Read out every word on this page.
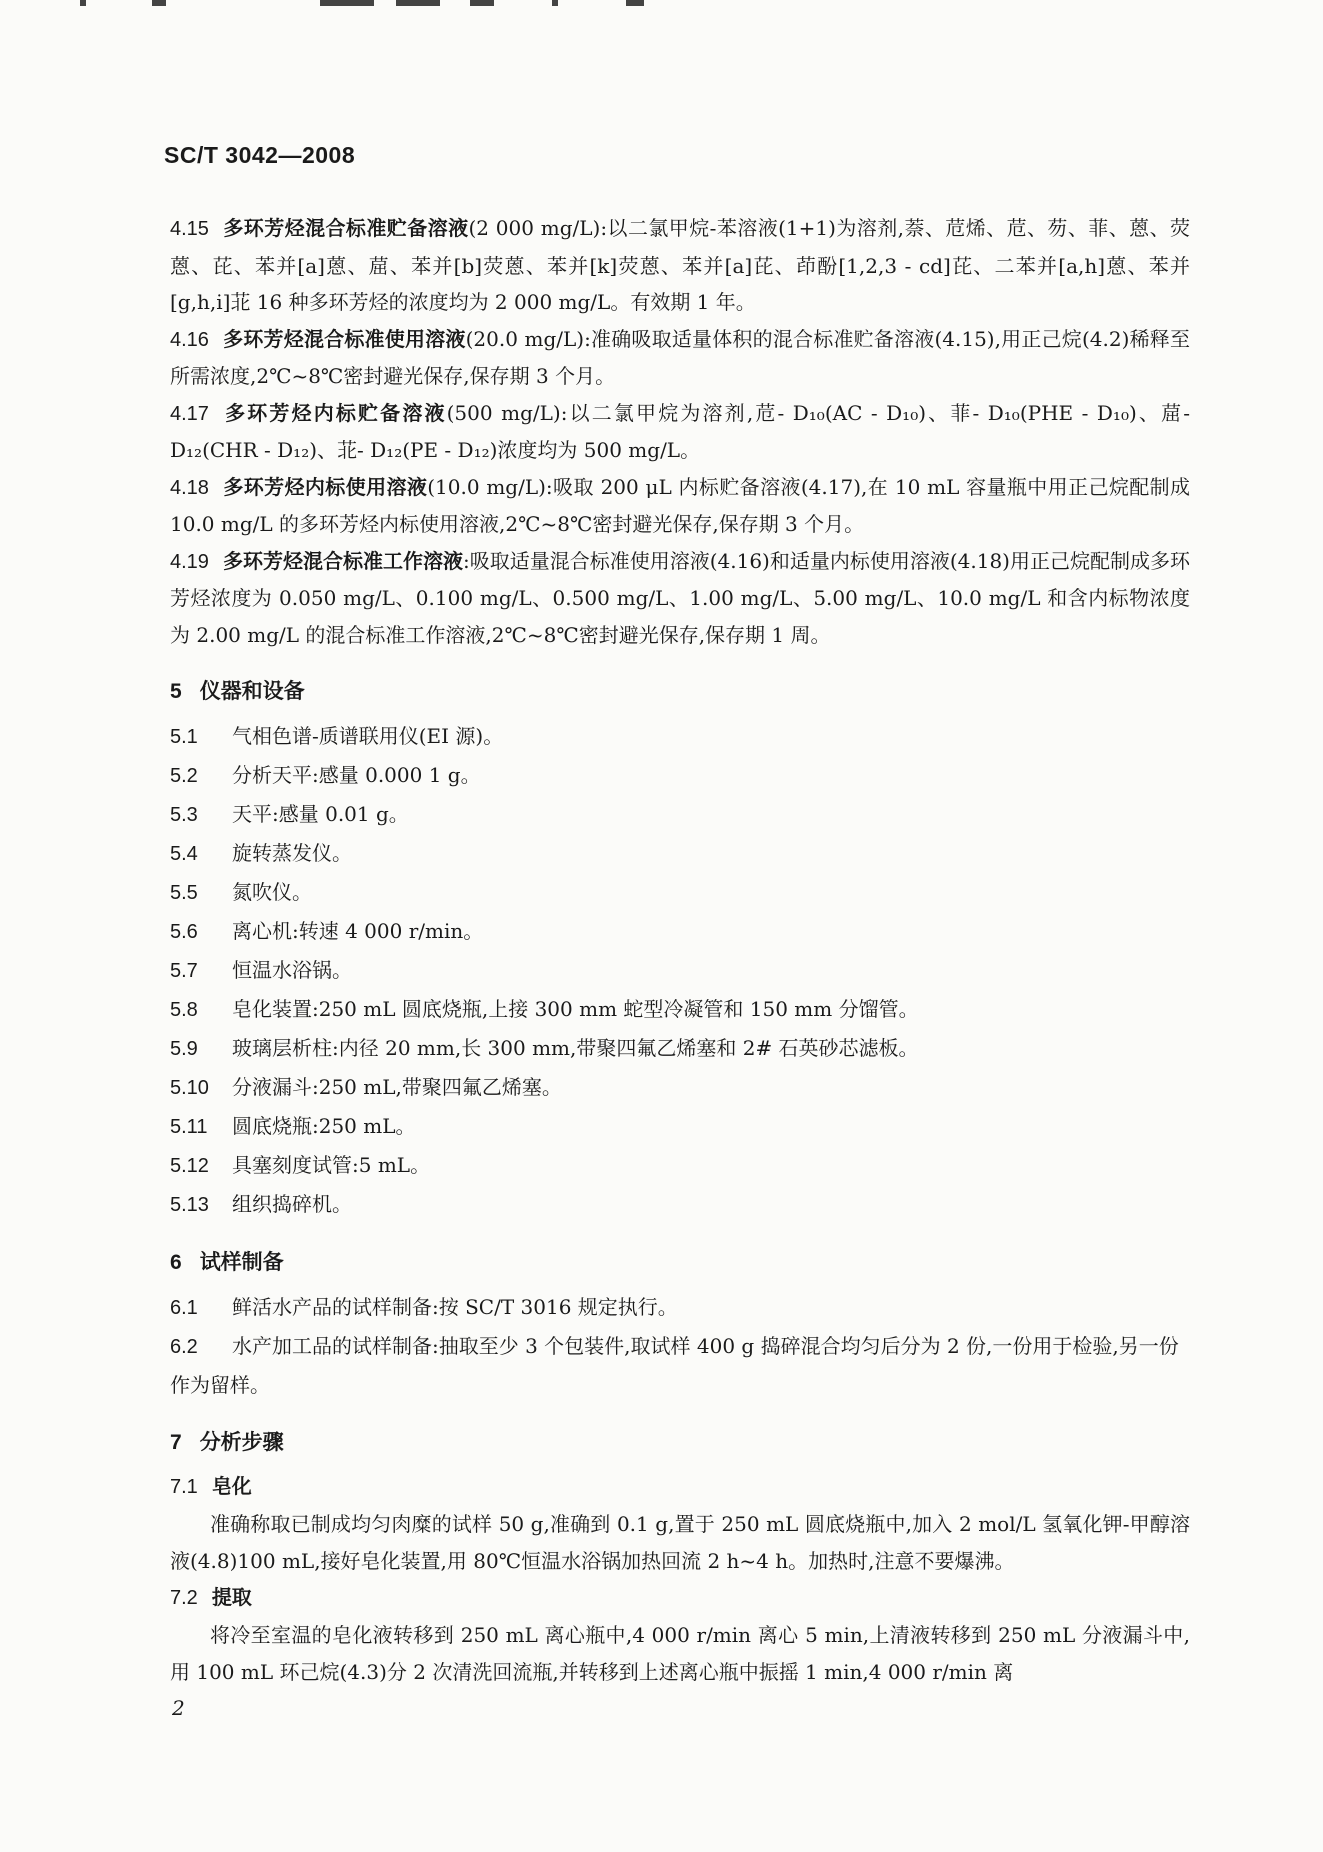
SC/T 3042—2008

4.15 多环芳烃混合标准贮备溶液(2 000 mg/L):以二氯甲烷-苯溶液(1+1)为溶剂,萘、苊烯、苊、芴、菲、蒽、荧蒽、芘、苯并[a]蒽、䓛、苯并[b]荧蒽、苯并[k]荧蒽、苯并[a]芘、茚酚[1,2,3 - cd]芘、二苯并[a,h]蒽、苯并[g,h,i]苝 16 种多环芳烃的浓度均为 2 000 mg/L。有效期 1 年。

4.16 多环芳烃混合标准使用溶液(20.0 mg/L):准确吸取适量体积的混合标准贮备溶液(4.15),用正己烷(4.2)稀释至所需浓度,2℃~8℃密封避光保存,保存期 3 个月。

4.17 多环芳烃内标贮备溶液(500 mg/L):以二氯甲烷为溶剂,苊- D₁₀(AC - D₁₀)、菲- D₁₀(PHE - D₁₀)、䓛- D₁₂(CHR - D₁₂)、苝- D₁₂(PE - D₁₂)浓度均为 500 mg/L。

4.18 多环芳烃内标使用溶液(10.0 mg/L):吸取 200 μL 内标贮备溶液(4.17),在 10 mL 容量瓶中用正己烷配制成 10.0 mg/L 的多环芳烃内标使用溶液,2℃~8℃密封避光保存,保存期 3 个月。

4.19 多环芳烃混合标准工作溶液:吸取适量混合标准使用溶液(4.16)和适量内标使用溶液(4.18)用正己烷配制成多环芳烃浓度为 0.050 mg/L、0.100 mg/L、0.500 mg/L、1.00 mg/L、5.00 mg/L、10.0 mg/L 和含内标物浓度为 2.00 mg/L 的混合标准工作溶液,2℃~8℃密封避光保存,保存期 1 周。

5 仪器和设备

5.1 气相色谱-质谱联用仪(EI 源)。

5.2 分析天平:感量 0.000 1 g。

5.3 天平:感量 0.01 g。

5.4 旋转蒸发仪。

5.5 氮吹仪。

5.6 离心机:转速 4 000 r/min。

5.7 恒温水浴锅。

5.8 皂化装置:250 mL 圆底烧瓶,上接 300 mm 蛇型冷凝管和 150 mm 分馏管。

5.9 玻璃层析柱:内径 20 mm,长 300 mm,带聚四氟乙烯塞和 2# 石英砂芯滤板。

5.10 分液漏斗:250 mL,带聚四氟乙烯塞。

5.11 圆底烧瓶:250 mL。

5.12 具塞刻度试管:5 mL。

5.13 组织捣碎机。

6 试样制备

6.1 鲜活水产品的试样制备:按 SC/T 3016 规定执行。

6.2 水产加工品的试样制备:抽取至少 3 个包装件,取试样 400 g 捣碎混合均匀后分为 2 份,一份用于检验,另一份作为留样。

7 分析步骤

7.1 皂化

准确称取已制成均匀肉糜的试样 50 g,准确到 0.1 g,置于 250 mL 圆底烧瓶中,加入 2 mol/L 氢氧化钾-甲醇溶液(4.8)100 mL,接好皂化装置,用 80℃恒温水浴锅加热回流 2 h~4 h。加热时,注意不要爆沸。

7.2 提取

将冷至室温的皂化液转移到 250 mL 离心瓶中,4 000 r/min 离心 5 min,上清液转移到 250 mL 分液漏斗中,用 100 mL 环己烷(4.3)分 2 次清洗回流瓶,并转移到上述离心瓶中振摇 1 min,4 000 r/min 离

2
